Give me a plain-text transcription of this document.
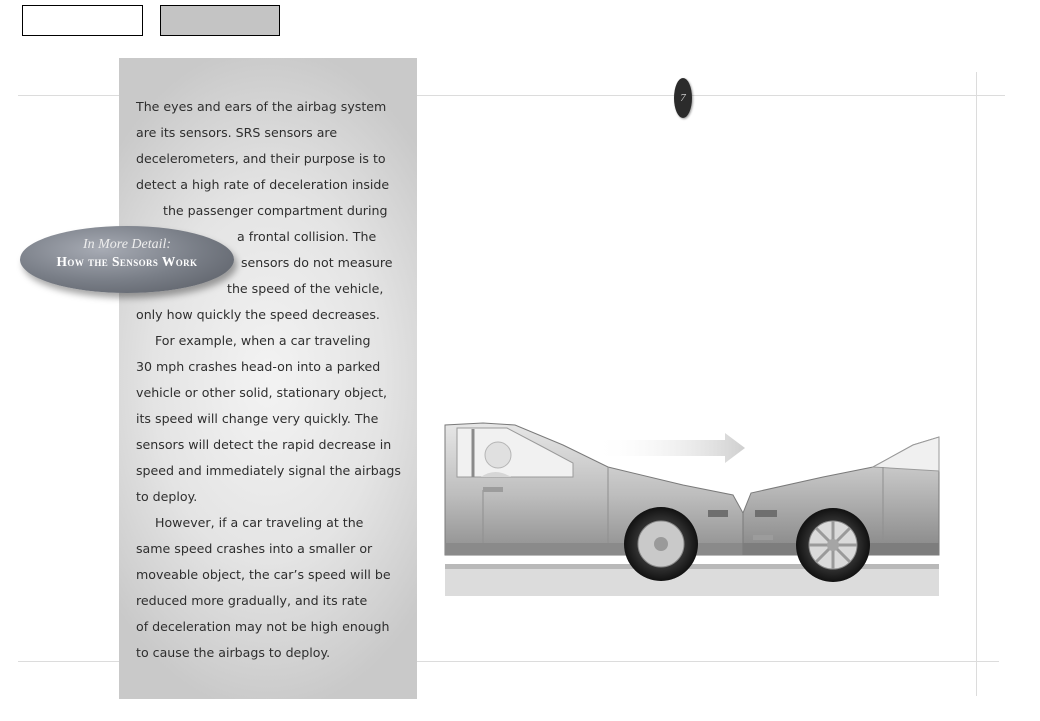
The eyes and ears of the airbag system
are its sensors. SRS sensors are
decelerometers, and their purpose is to
detect a high rate of deceleration inside
the passenger compartment during
a frontal collision. The
sensors do not measure
the speed of the vehicle,
only how quickly the speed decreases.
For example, when a car traveling
30 mph crashes head-on into a parked
vehicle or other solid, stationary object,
its speed will change very quickly. The
sensors will detect the rapid decrease in
speed and immediately signal the airbags
to deploy.
However, if a car traveling at the
same speed crashes into a smaller or
moveable object, the car’s speed will be
reduced more gradually, and its rate
of deceleration may not be high enough
to cause the airbags to deploy.
In More Detail:
How the Sensors Work
7
